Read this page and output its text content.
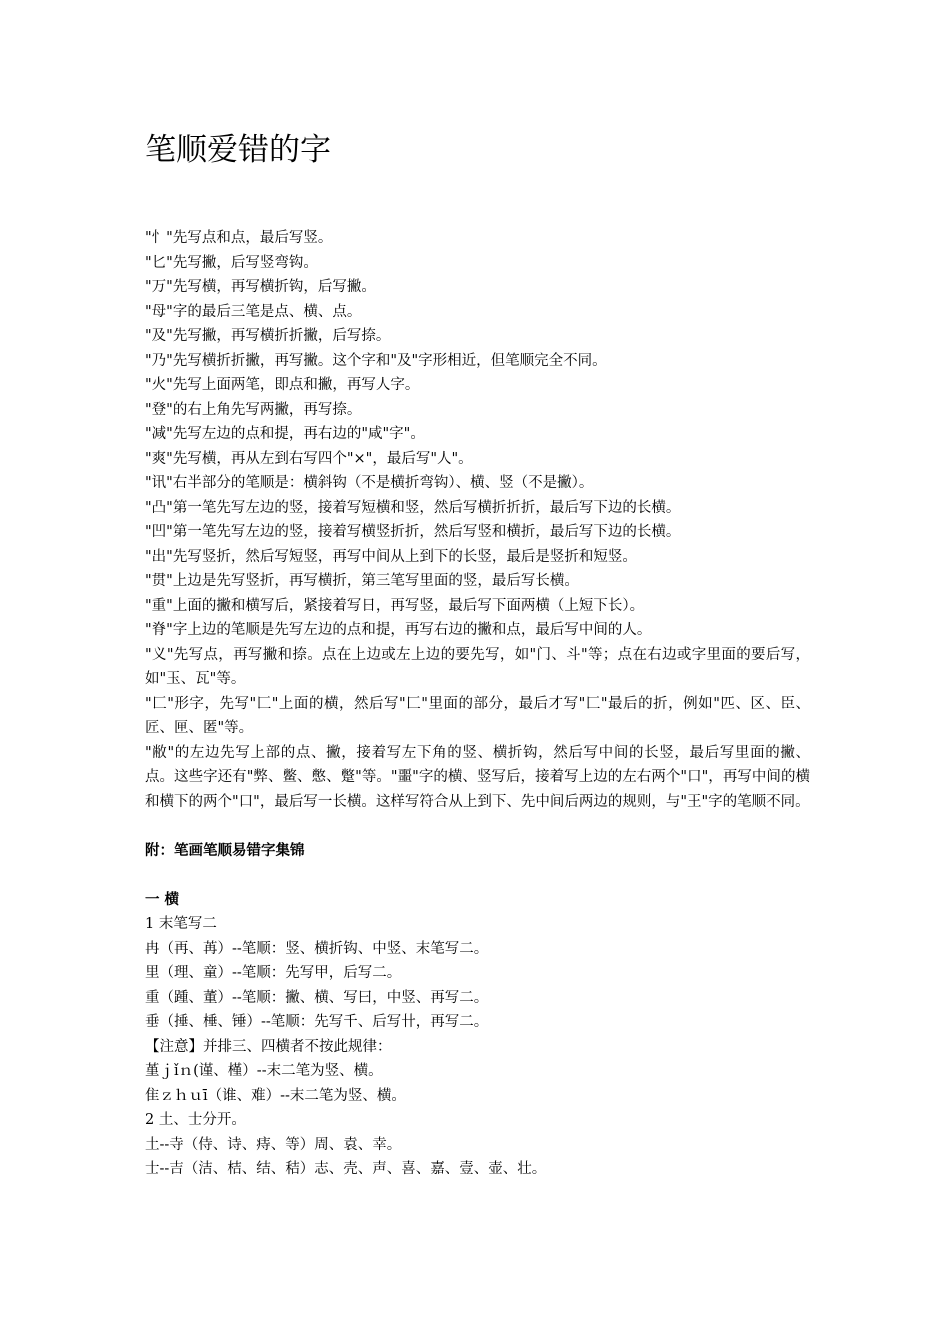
笔顺爱错的字

"忄"先写点和点，最后写竖。

"匕"先写撇，后写竖弯钩。

"万"先写横，再写横折钩，后写撇。

"母"字的最后三笔是点、横、点。

"及"先写撇，再写横折折撇，后写捺。

"乃"先写横折折撇，再写撇。这个字和"及"字形相近，但笔顺完全不同。

"火"先写上面两笔，即点和撇，再写人字。

"登"的右上角先写两撇，再写捺。

"减"先写左边的点和提，再右边的"咸"字"。

"爽"先写横，再从左到右写四个"×"，最后写"人"。

"讯"右半部分的笔顺是：横斜钩（不是横折弯钩）、横、竖（不是撇）。

"凸"第一笔先写左边的竖，接着写短横和竖，然后写横折折折，最后写下边的长横。

"凹"第一笔先写左边的竖，接着写横竖折折，然后写竖和横折，最后写下边的长横。

"出"先写竖折，然后写短竖，再写中间从上到下的长竖，最后是竖折和短竖。

"贯"上边是先写竖折，再写横折，第三笔写里面的竖，最后写长横。

"重"上面的撇和横写后，紧接着写日，再写竖，最后写下面两横（上短下长）。

"脊"字上边的笔顺是先写左边的点和提，再写右边的撇和点，最后写中间的人。

"义"先写点，再写撇和捺。点在上边或左上边的要先写，如"门、斗"等；点在右边或字里面的要后写，如"玉、瓦"等。

"匚"形字，先写"匚"上面的横，然后写"匚"里面的部分，最后才写"匚"最后的折，例如"匹、区、臣、匠、匣、匿"等。

"敝"的左边先写上部的点、撇，接着写左下角的竖、横折钩，然后写中间的长竖，最后写里面的撇、点。这些字还有"弊、鳖、憋、蹩"等。"噩"字的横、竖写后，接着写上边的左右两个"口"，再写中间的横和横下的两个"口"，最后写一长横。这样写符合从上到下、先中间后两边的规则，与"王"字的笔顺不同。

附：笔画笔顺易错字集锦

一 横

1 末笔写二

冉（再、苒）--笔顺：竖、横折钩、中竖、末笔写二。

里（理、童）--笔顺：先写甲，后写二。

重（踵、董）--笔顺：撇、横、写曰，中竖、再写二。

垂（捶、棰、锤）--笔顺：先写千、后写卄，再写二。

【注意】并排三、四横者不按此规律：

堇ｊǐｎ(谨、槿）--末二笔为竖、横。

隹ｚｈｕī（谁、难）--末二笔为竖、横。

2 土、士分开。

土--寺（侍、诗、痔、等）周、袁、幸。

士--吉（洁、桔、结、秸）志、壳、声、喜、嘉、壹、壶、壮。
